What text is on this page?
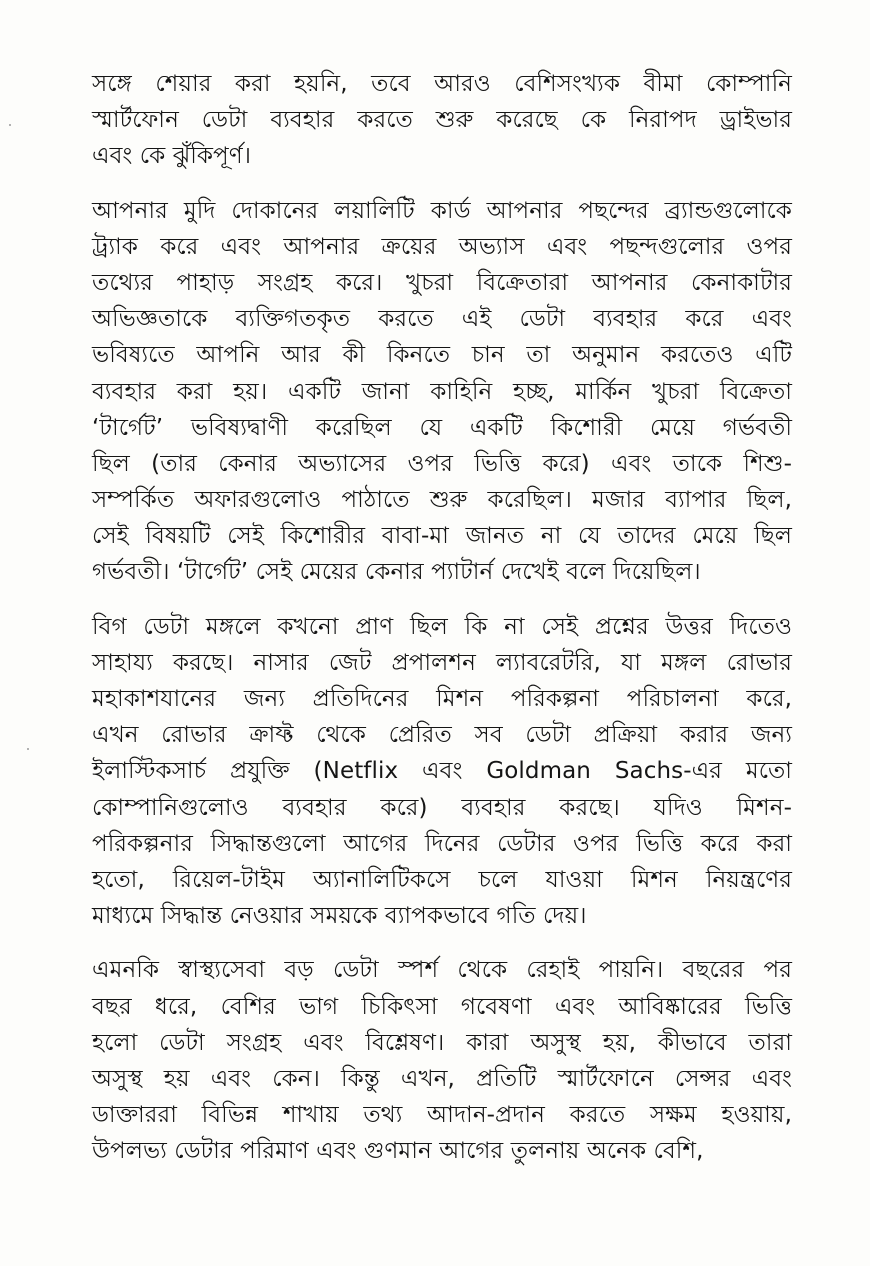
সঙ্গে শেয়ার করা হয়নি, তবে আরও বেশিসংখ্যক বীমা কোম্পানি
স্মার্টফোন ডেটা ব্যবহার করতে শুরু করেছে কে নিরাপদ ড্রাইভার
এবং কে ঝুঁকিপূর্ণ।
আপনার মুদি দোকানের লয়ালিটি কার্ড আপনার পছন্দের ব্র্যান্ডগুলোকে
ট্র্যাক করে এবং আপনার ক্রয়ের অভ্যাস এবং পছন্দগুলোর ওপর
তথ্যের পাহাড় সংগ্রহ করে। খুচরা বিক্রেতারা আপনার কেনাকাটার
অভিজ্ঞতাকে ব্যক্তিগতকৃত করতে এই ডেটা ব্যবহার করে এবং
ভবিষ্যতে আপনি আর কী কিনতে চান তা অনুমান করতেও এটি
ব্যবহার করা হয়। একটি জানা কাহিনি হচ্ছ, মার্কিন খুচরা বিক্রেতা
‘টার্গেট’ ভবিষ্যদ্বাণী করেছিল যে একটি কিশোরী মেয়ে গর্ভবতী
ছিল (তার কেনার অভ্যাসের ওপর ভিত্তি করে) এবং তাকে শিশু-
সম্পর্কিত অফারগুলোও পাঠাতে শুরু করেছিল। মজার ব্যাপার ছিল,
সেই বিষয়টি সেই কিশোরীর বাবা-মা জানত না যে তাদের মেয়ে ছিল
গর্ভবতী। ‘টার্গেট’ সেই মেয়ের কেনার প্যাটার্ন দেখেই বলে দিয়েছিল।
বিগ ডেটা মঙ্গলে কখনো প্রাণ ছিল কি না সেই প্রশ্নের উত্তর দিতেও
সাহায্য করছে। নাসার জেট প্রপালশন ল্যাবরেটরি, যা মঙ্গল রোভার
মহাকাশযানের জন্য প্রতিদিনের মিশন পরিকল্পনা পরিচালনা করে,
এখন রোভার ক্রাফ্ট থেকে প্রেরিত সব ডেটা প্রক্রিয়া করার জন্য
ইলাস্টিকসার্চ প্রযুক্তি (Netflix এবং Goldman Sachs-এর মতো
কোম্পানিগুলোও ব্যবহার করে) ব্যবহার করছে। যদিও মিশন-
পরিকল্পনার সিদ্ধান্তগুলো আগের দিনের ডেটার ওপর ভিত্তি করে করা
হতো, রিয়েল-টাইম অ্যানালিটিকসে চলে যাওয়া মিশন নিয়ন্ত্রণের
মাধ্যমে সিদ্ধান্ত নেওয়ার সময়কে ব্যাপকভাবে গতি দেয়।
এমনকি স্বাস্থ্যসেবা বড় ডেটা স্পর্শ থেকে রেহাই পায়নি। বছরের পর
বছর ধরে, বেশির ভাগ চিকিৎসা গবেষণা এবং আবিষ্কারের ভিত্তি
হলো ডেটা সংগ্রহ এবং বিশ্লেষণ। কারা অসুস্থ হয়, কীভাবে তারা
অসুস্থ হয় এবং কেন। কিন্তু এখন, প্রতিটি স্মার্টফোনে সেন্সর এবং
ডাক্তাররা বিভিন্ন শাখায় তথ্য আদান-প্রদান করতে সক্ষম হওয়ায়,
উপলভ্য ডেটার পরিমাণ এবং গুণমান আগের তুলনায় অনেক বেশি,
